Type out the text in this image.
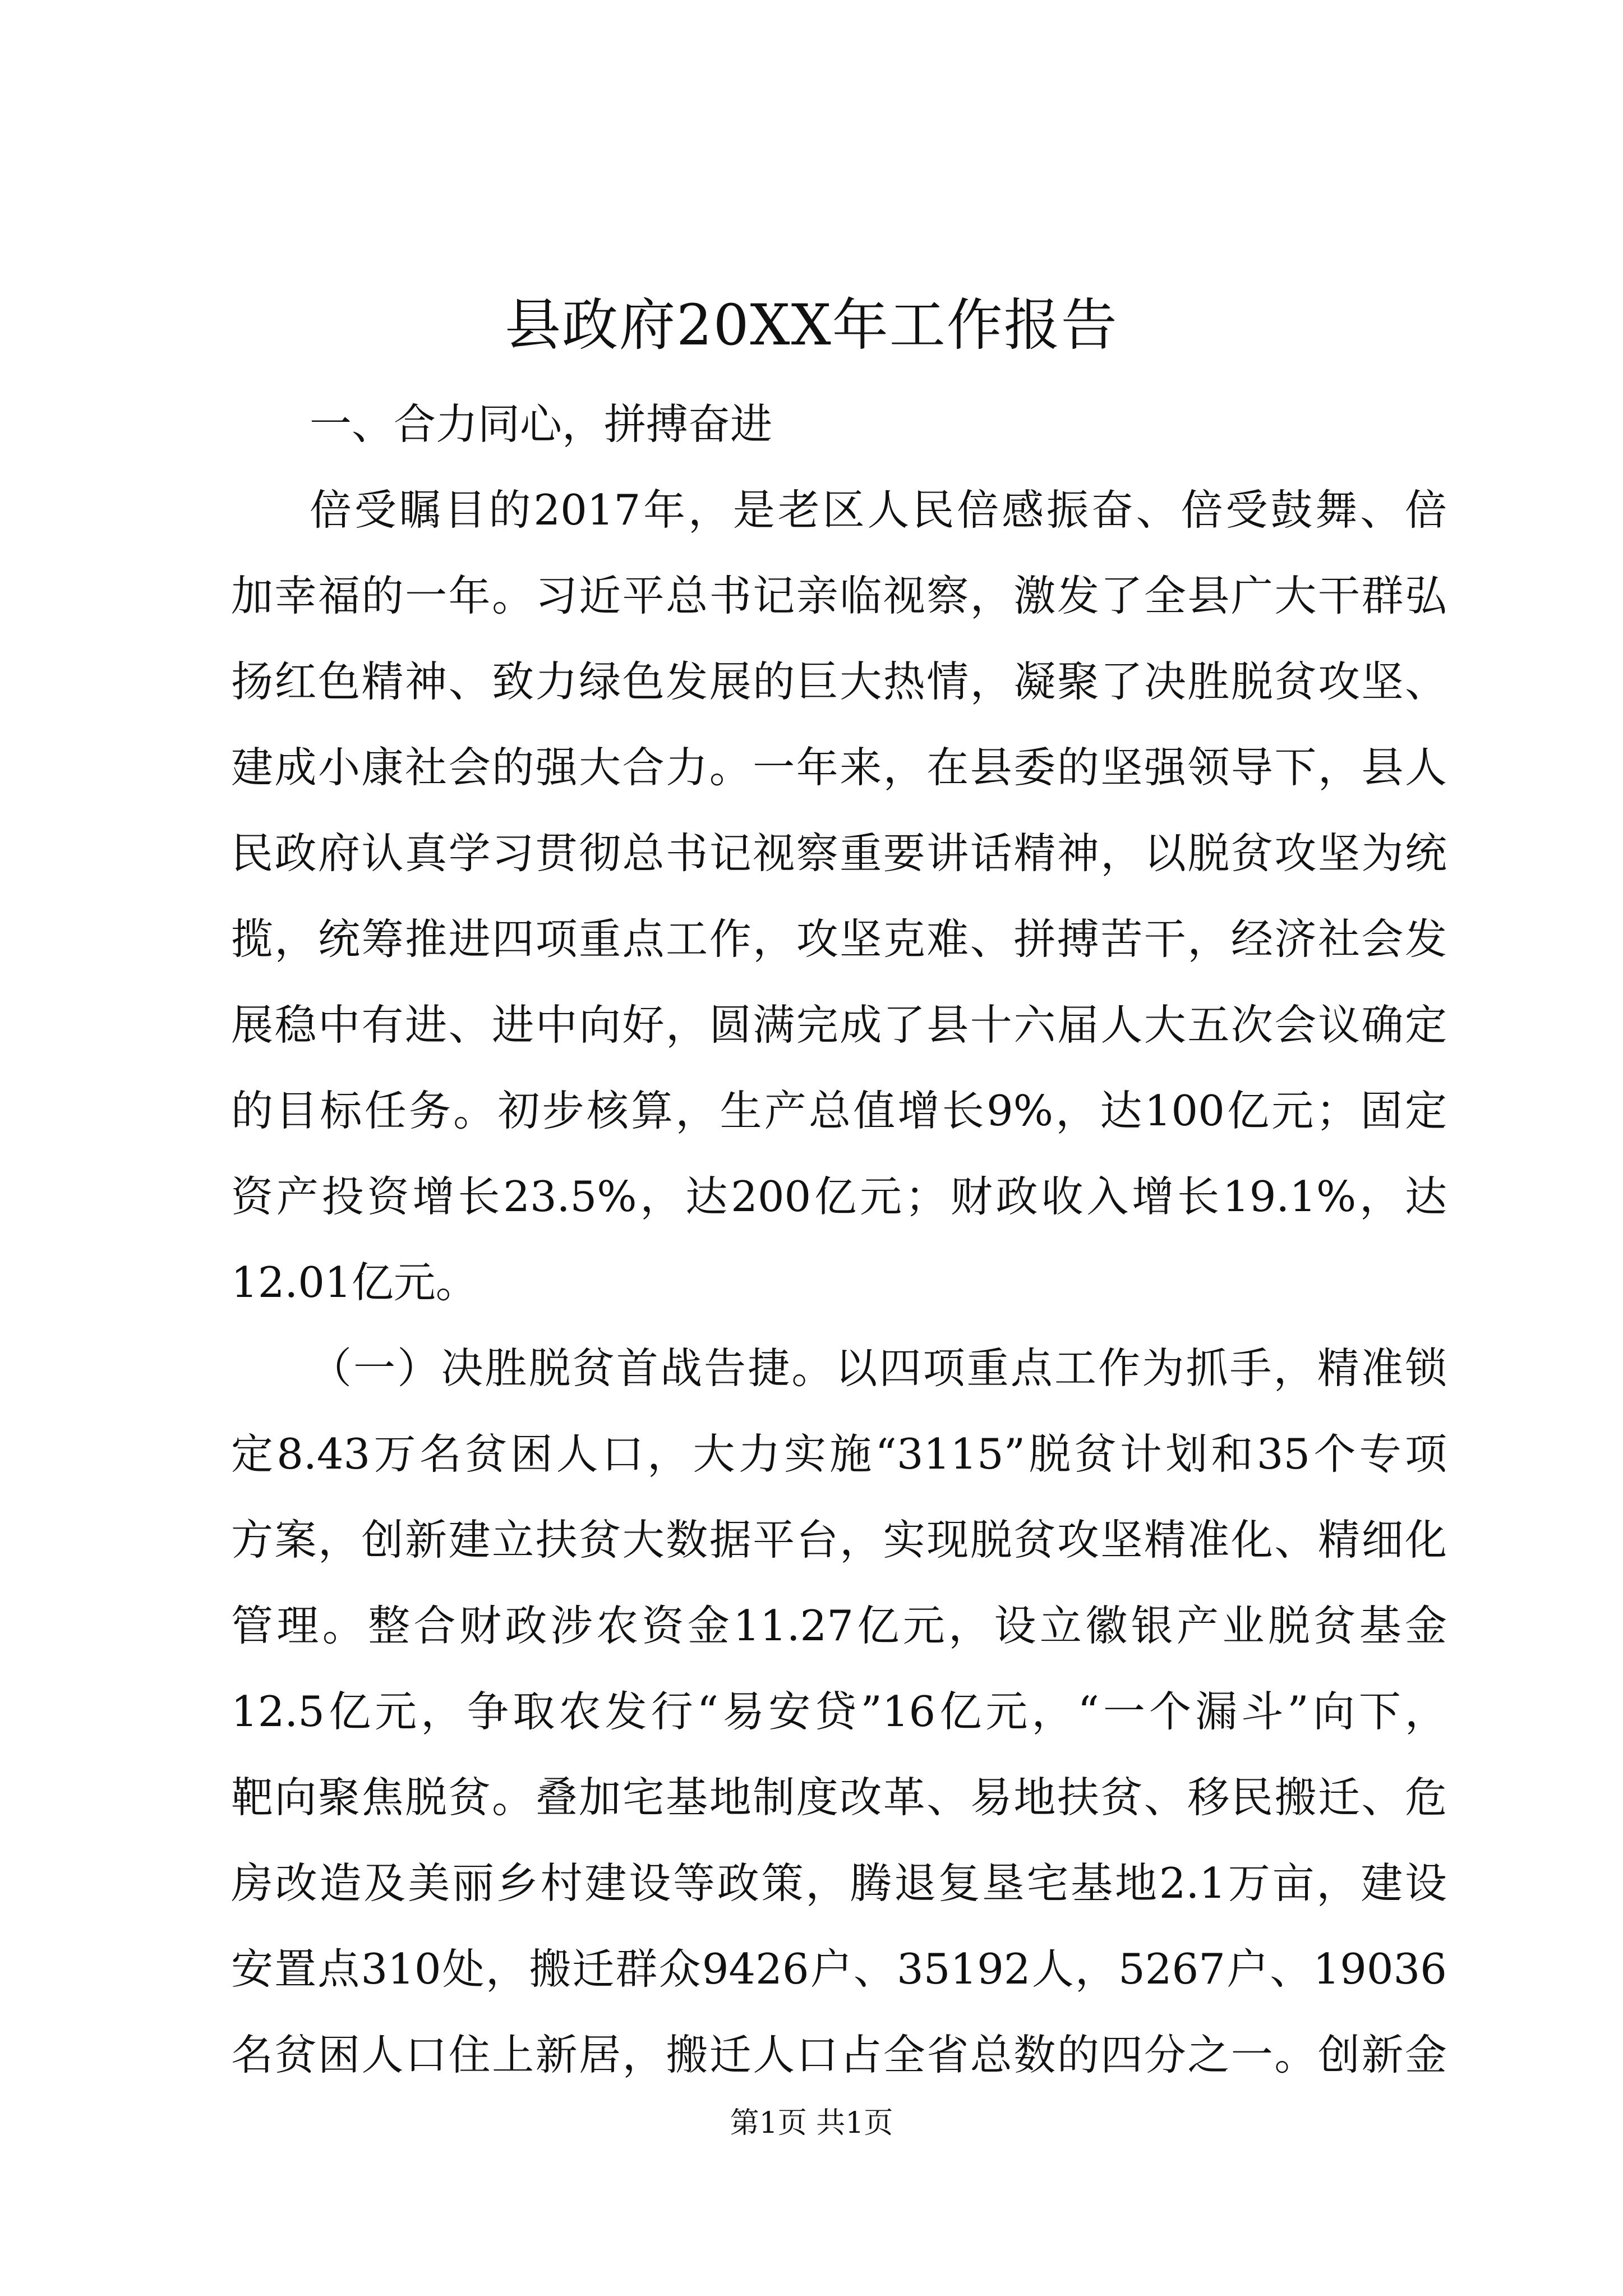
县政府20XX年工作报告
一、合力同心，拼搏奋进
倍受瞩目的2017年，是老区人民倍感振奋、倍受鼓舞、倍
加幸福的一年。习近平总书记亲临视察，激发了全县广大干群弘
扬红色精神、致力绿色发展的巨大热情，凝聚了决胜脱贫攻坚、
建成小康社会的强大合力。一年来，在县委的坚强领导下，县人
民政府认真学习贯彻总书记视察重要讲话精神，以脱贫攻坚为统
揽，统筹推进四项重点工作，攻坚克难、拼搏苦干，经济社会发
展稳中有进、进中向好，圆满完成了县十六届人大五次会议确定
的目标任务。初步核算，生产总值增长9%，达100亿元；固定
资产投资增长23.5%，达200亿元；财政收入增长19.1%，达
12.01亿元。
（一）决胜脱贫首战告捷。以四项重点工作为抓手，精准锁
定8.43万名贫困人口，大力实施“3115”脱贫计划和35个专项
方案，创新建立扶贫大数据平台，实现脱贫攻坚精准化、精细化
管理。整合财政涉农资金11.27亿元，设立徽银产业脱贫基金
12.5亿元，争取农发行“易安贷”16亿元，“一个漏斗”向下，
靶向聚焦脱贫。叠加宅基地制度改革、易地扶贫、移民搬迁、危
房改造及美丽乡村建设等政策，腾退复垦宅基地2.1万亩，建设
安置点310处，搬迁群众9426户、35192人，5267户、19036
名贫困人口住上新居，搬迁人口占全省总数的四分之一。创新金
第1页 共1页
